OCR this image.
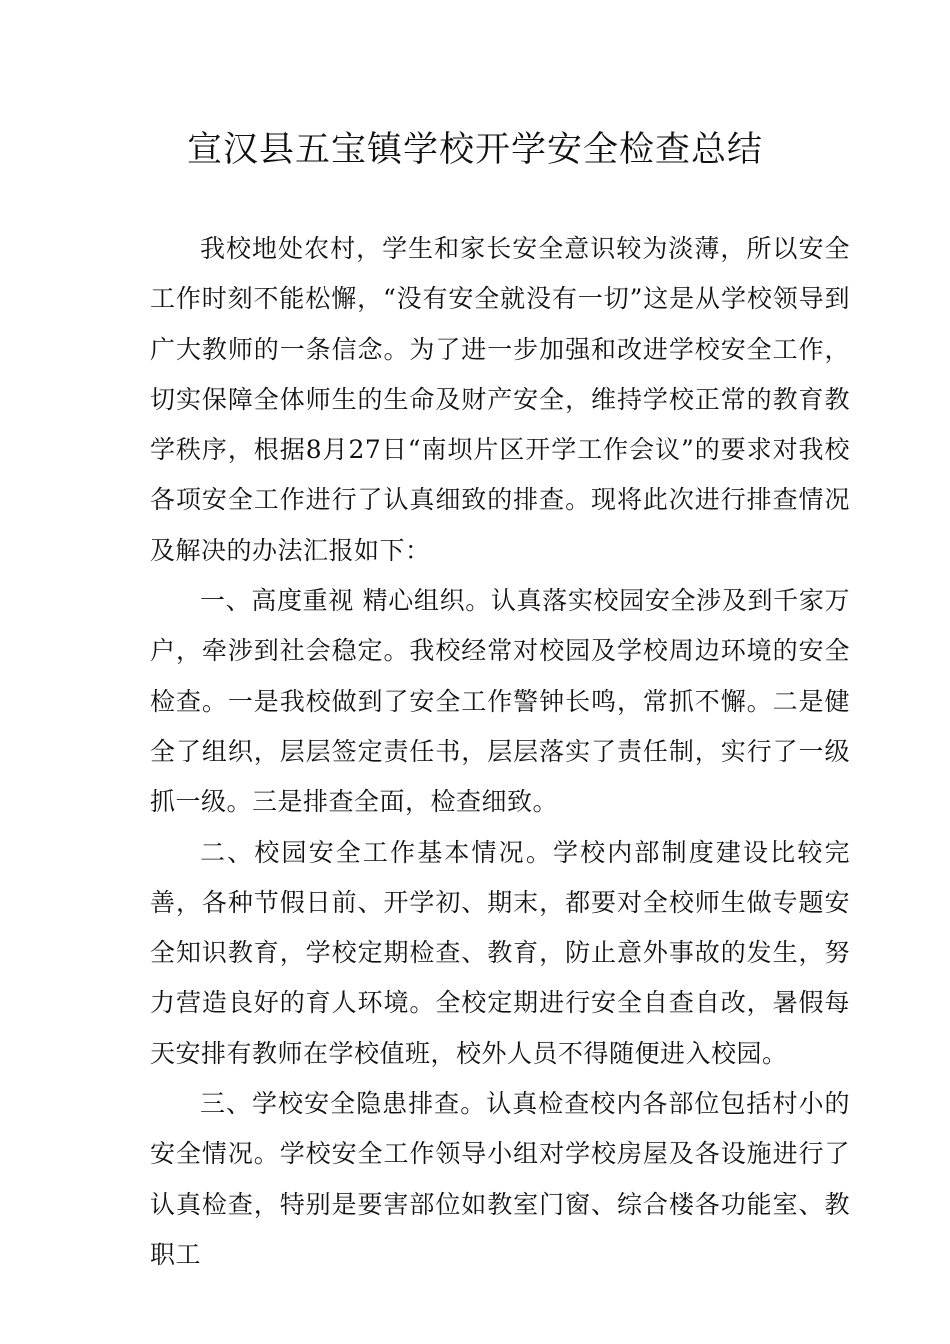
宣汉县五宝镇学校开学安全检查总结

我校地处农村，学生和家长安全意识较为淡薄，所以安全工作时刻不能松懈，“没有安全就没有一切”这是从学校领导到广大教师的一条信念。为了进一步加强和改进学校安全工作，切实保障全体师生的生命及财产安全，维持学校正常的教育教学秩序，根据8月27日“南坝片区开学工作会议”的要求对我校各项安全工作进行了认真细致的排查。现将此次进行排查情况及解决的办法汇报如下：

一、高度重视 精心组织。认真落实校园安全涉及到千家万户，牵涉到社会稳定。我校经常对校园及学校周边环境的安全检查。一是我校做到了安全工作警钟长鸣，常抓不懈。二是健全了组织，层层签定责任书，层层落实了责任制，实行了一级抓一级。三是排查全面，检查细致。

二、校园安全工作基本情况。学校内部制度建设比较完善，各种节假日前、开学初、期末，都要对全校师生做专题安全知识教育，学校定期检查、教育，防止意外事故的发生，努力营造良好的育人环境。全校定期进行安全自查自改，暑假每天安排有教师在学校值班，校外人员不得随便进入校园。

三、学校安全隐患排查。认真检查校内各部位包括村小的安全情况。学校安全工作领导小组对学校房屋及各设施进行了认真检查，特别是要害部位如教室门窗、综合楼各功能室、教职工
